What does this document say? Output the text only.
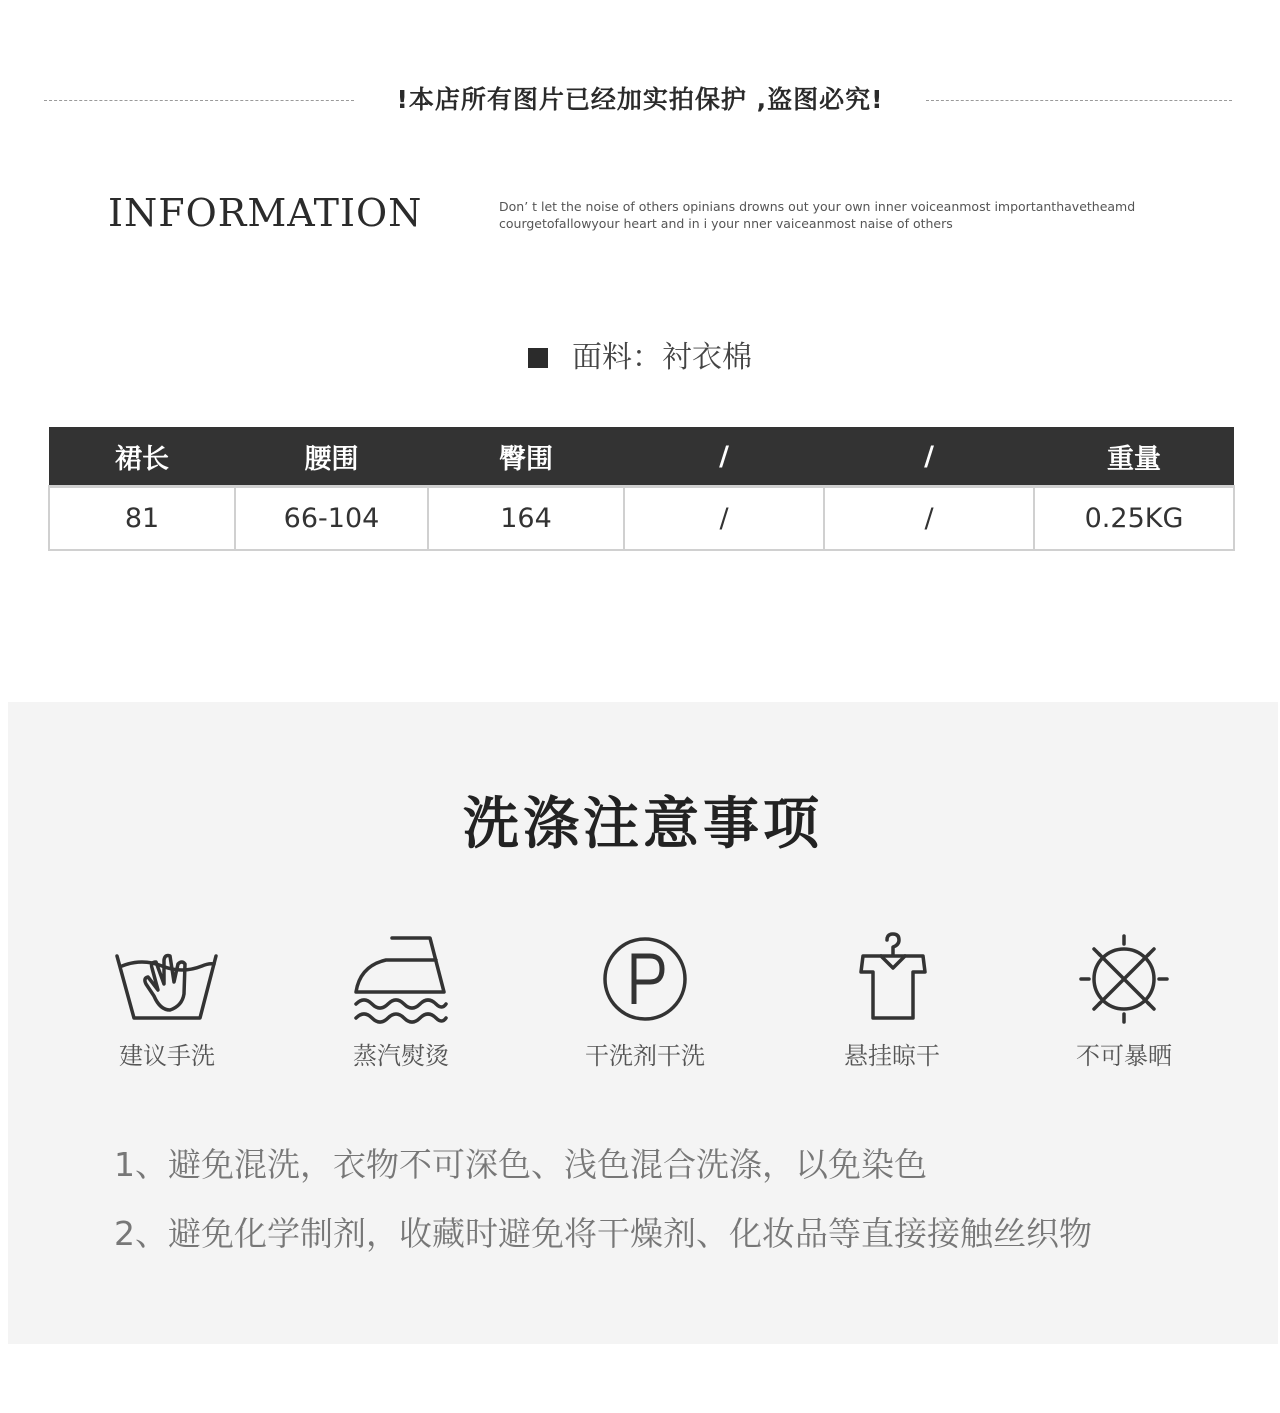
!本店所有图片已经加实拍保护 ,盗图必究!
INFORMATION	Don’ t let the noise of others opinians drowns out your own inner voiceanmost importanthavetheamd
courgetofallowyour heart and in i your nner vaiceanmost naise of others
面料：衬衣棉
裙长	腰围	臀围	/	/	重量
81	66-104	164	/	/	0.25KG
洗涤注意事项
建议手洗	蒸汽熨烫	干洗剂干洗	悬挂晾干	不可暴晒
1、避免混洗，衣物不可深色、浅色混合洗涤，以免染色
2、避免化学制剂，收藏时避免将干燥剂、化妆品等直接接触丝织物
